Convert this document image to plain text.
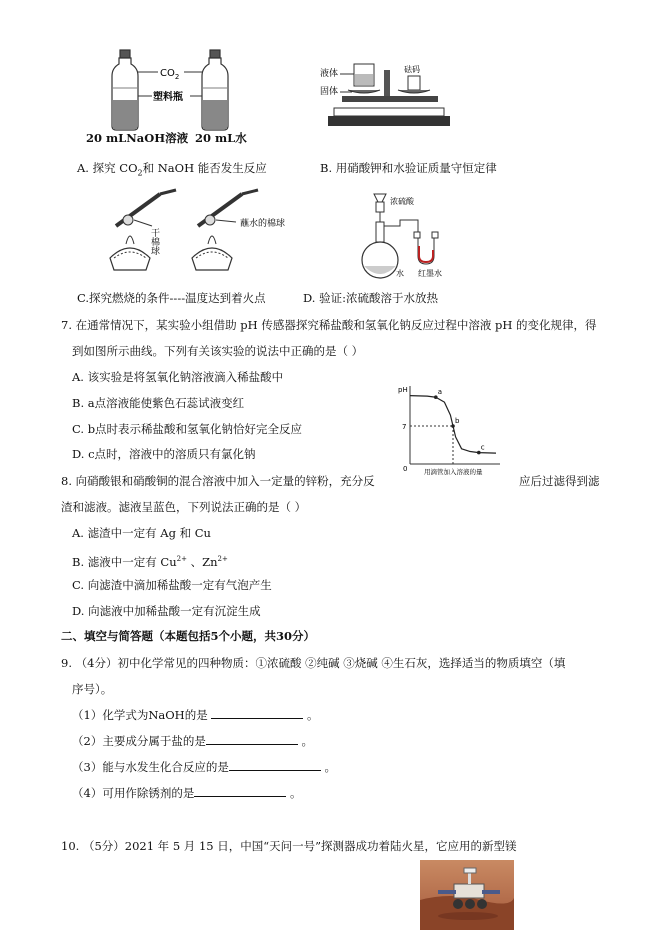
$CO_2$
塑料瓶
20 mLNaOH溶液 20 mL水
液体
固体
砝码
A. 探究 $CO_2$和 NaOH 能否发生反应	B. 用硝酸钾和水验证质量守恒定律
干棉球
蘸水的棉球
浓硫酸
水 红墨水
C.探究燃烧的条件----温度达到着火点	D. 验证:浓硫酸溶于水放热
7. 在通常情况下，某实验小组借助 pH 传感器探究稀盐酸和氢氧化钠反应过程中溶液 pH 的变化规律，得
到如图所示曲线。下列有关该实验的说法中正确的是（ ）
A. 该实验是将氢氧化钠溶液滴入稀盐酸中
B. a点溶液能使紫色石蕊试液变红
C. b点时表示稀盐酸和氢氧化钠恰好完全反应
D. c点时，溶液中的溶质只有氯化钠
pH
0	用滴管加入溶液的量
7
a
b
c
8. 向硝酸银和硝酸铜的混合溶液中加入一定量的锌粉，充分反	应后过滤得到滤
渣和滤液。滤液呈蓝色，下列说法正确的是（ ）
A. 滤渣中一定有 Ag 和 Cu
B. 滤液中一定有 $Cu^{2+}$ 、$Zn^{2+}$
C. 向滤渣中滴加稀盐酸一定有气泡产生
D. 向滤液中加稀盐酸一定有沉淀生成
二、填空与简答题（本题包括5个小题，共30分）
9. （4分）初中化学常见的四种物质：①浓硫酸 ②纯碱 ③烧碱 ④生石灰，选择适当的物质填空（填
序号）。
（1）化学式为NaOH的是	。
（2）主要成分属于盐的是	。
（3）能与水发生化合反应的是	。
（4）可用作除锈剂的是	。
10. （5分）2021 年 5 月 15 日，中国“天问一号”探测器成功着陆火星，它应用的新型镁
